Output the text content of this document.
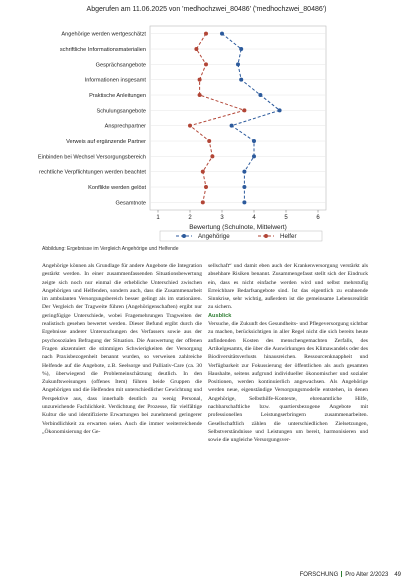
Abgerufen am 11.06.2025 von 'medhochzwei_80486' ('medhochzwei_80486')
Angehörige werden wertgeschätzt
schriftliche Informationsmaterialien
Gesprächsangebote
Informationen insgesamt
Praktische Anleitungen
Schulungsangebote
Ansprechpartner
Verweis auf ergänzende Partner
Einbinden bei Wechsel Versorgungsbereich
rechtliche Verpflichtungen werden beachtet
Konflikte werden gelöst
Gesamtnote
1	2	3	4	5	6
Bewertung (Schulnote, Mittelwert)
Angehörige	Helfer
Abbildung: Ergebnisse im Vergleich Angehörige und Helfende

Angehörige können als Grundlage für andere Angebote die Integration gestärkt werden. In einer zusammenfassenden Situationsbewertung zeigte sich noch nur einmal die erhebliche Unterschied zwischen Angehörigen und Helfenden, sondern auch, dass die Zusammenarbeit im ambulanten Versorgungsbereich besser gelingt als im stationären. Der Vergleich der Tragweite führen (Angehörigenschaften) ergibt nur geringfügige Unterschiede, wobei Fragemehrungen Tragweiten der realistisch gesehen bewertet werden. Dieser Befund ergibt durch die Ergebnisse anderer Untersuchungen des Verfassers sowie aus der psychosozialen Befragung der Situation. Die Auswertung der offenen Fragen akzentuiert die stimmigen Schwierigkeiten der Versorgung nach Praxisbezogenheit benannt wurden, so verweisen zahlreiche Helfende auf die Angebote, z.B. Seelsorge und Palliativ-Care (ca. 30 %), überwiegend die Problemeinschätzung deutlich. In den Zukunftsweisungen (offenes Item) führen beide Gruppen die Angehörigen und die Helfenden mit unterschiedlicher Gewichtung und Perspektive aus, dass innerhalb deutlich zu wenig Personal, unzureichende Fachlichkeit. Verdichtung der Prozesse, für vielfältige Kultur die und identifizierte Erwartungen bei zunehmend geringerer Verbindlichkeit zu erwarten seien. Auch die immer weiterreichende „Ökonomisierung der Ge-

sellschaft“ und damit eben auch der Krankenversorgung verstärkt als absehbare Risiken benannt. Zusammengefasst stellt sich der Eindruck ein, dass es nicht einfache werden wird und selbst mehrstufig Erreichbare Bedarfsangebote sind. Ist das eigentlich zu erahnende Sinnkrise, sehr wichtig, außerdem ist die gemeinsame Lebensrealität zu sichern.

Ausblick

Versuche, die Zukunft des Gesundheits- und Pflegeversorgung sichtbar zu machen, berücksichtigen in aller Regel nicht die sich bereits heute anfindenden Kosten des menschengemachten Zerfalls, des Artikelgesamts, die über die Auswirkungen des Klimawandels oder des Biodiversitätsverlusts hinausreichen. Ressourcenknappheit und Verfügbarkeit zur Fokussierung der öffentlichen als auch gesamten Haushalte, seitens aufgrund individueller ökonomischer und sozialer Positionen, werden kontinuierlich angewachsen. Als Angehörige werden neue, eigenständige Versorgungsmodelle entstehen, in denen Angehörige, Selbsthilfe-Kontexte, ehrenamtliche Hilfe, nachbarschaftliche bzw. quartiersbezogene Angebote mit professionellen Leistungserbringern zusammenarbeiten. Gesellschaftlich zählen die unterschiedlichen Zielsetzungen, Selbstverständnisse und Leistungen um bereit, harmonisieren und sowie die ungleiche Versorgungsver-

FORSCHUNG Pro Alter 2/2023 49
